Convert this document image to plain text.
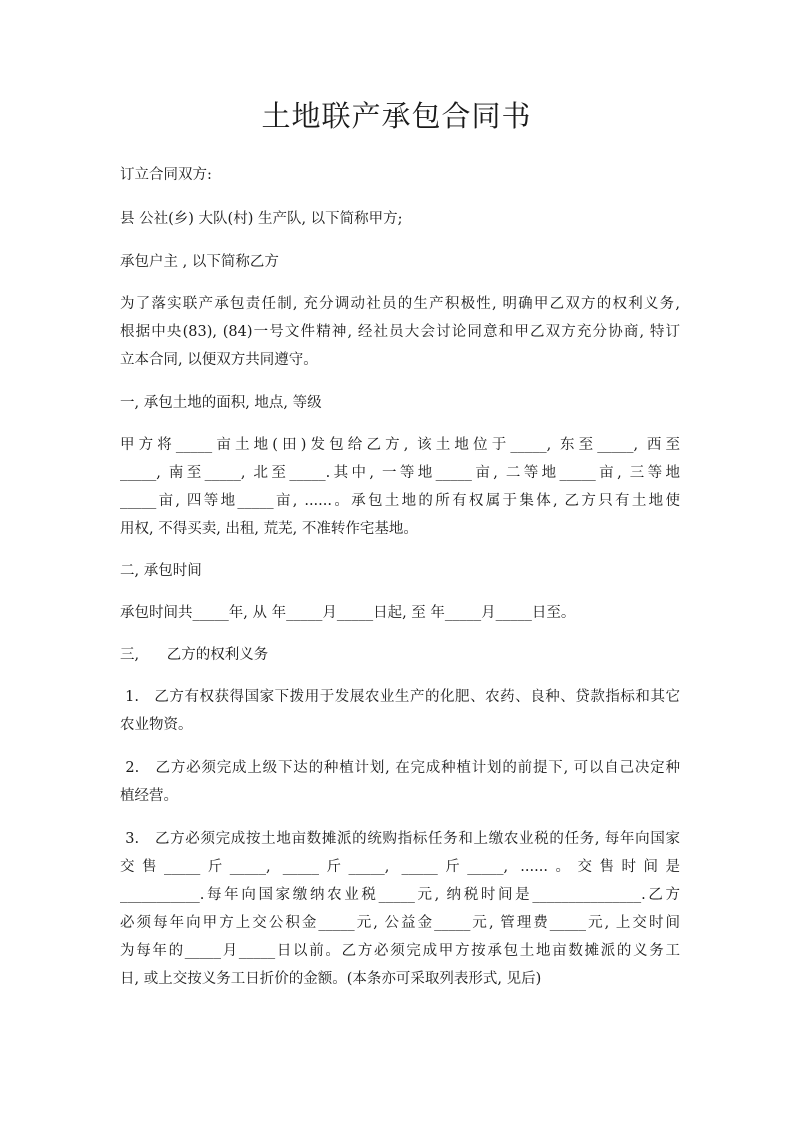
土地联产承包合同书

订立合同双方:

县 公社(乡) 大队(村) 生产队, 以下简称甲方;

承包户主 , 以下简称乙方

为了落实联产承包责任制, 充分调动社员的生产积极性, 明确甲乙双方的权利义务,

根据中央(83), (84)一号文件精神, 经社员大会讨论同意和甲乙双方充分协商, 特订

立本合同, 以便双方共同遵守。

一, 承包土地的面积, 地点, 等级

甲方将_____亩土地(田)发包给乙方, 该土地位于_____, 东至_____, 西至

_____, 南至_____, 北至_____.其中, 一等地_____亩, 二等地_____亩, 三等地

_____亩, 四等地_____亩, ......。承包土地的所有权属于集体, 乙方只有土地使

用权, 不得买卖, 出租, 荒芜, 不准转作宅基地。

二, 承包时间

承包时间共_____年, 从 年_____月_____日起, 至 年_____月_____日至。

三,      乙方的权利义务

1.   乙方有权获得国家下拨用于发展农业生产的化肥、农药、良种、贷款指标和其它

农业物资。

2.   乙方必须完成上级下达的种植计划, 在完成种植计划的前提下, 可以自己决定种

植经营。

3.   乙方必须完成按土地亩数摊派的统购指标任务和上缴农业税的任务, 每年向国家

交售_____斤_____, _____斤_____, _____斤_____, ......。交售时间是

___________.每年向国家缴纳农业税_____元, 纳税时间是_______________.乙方

必须每年向甲方上交公积金_____元, 公益金_____元, 管理费_____元, 上交时间

为每年的_____月_____日以前。乙方必须完成甲方按承包土地亩数摊派的义务工

日, 或上交按义务工日折价的金额。(本条亦可采取列表形式, 见后)
